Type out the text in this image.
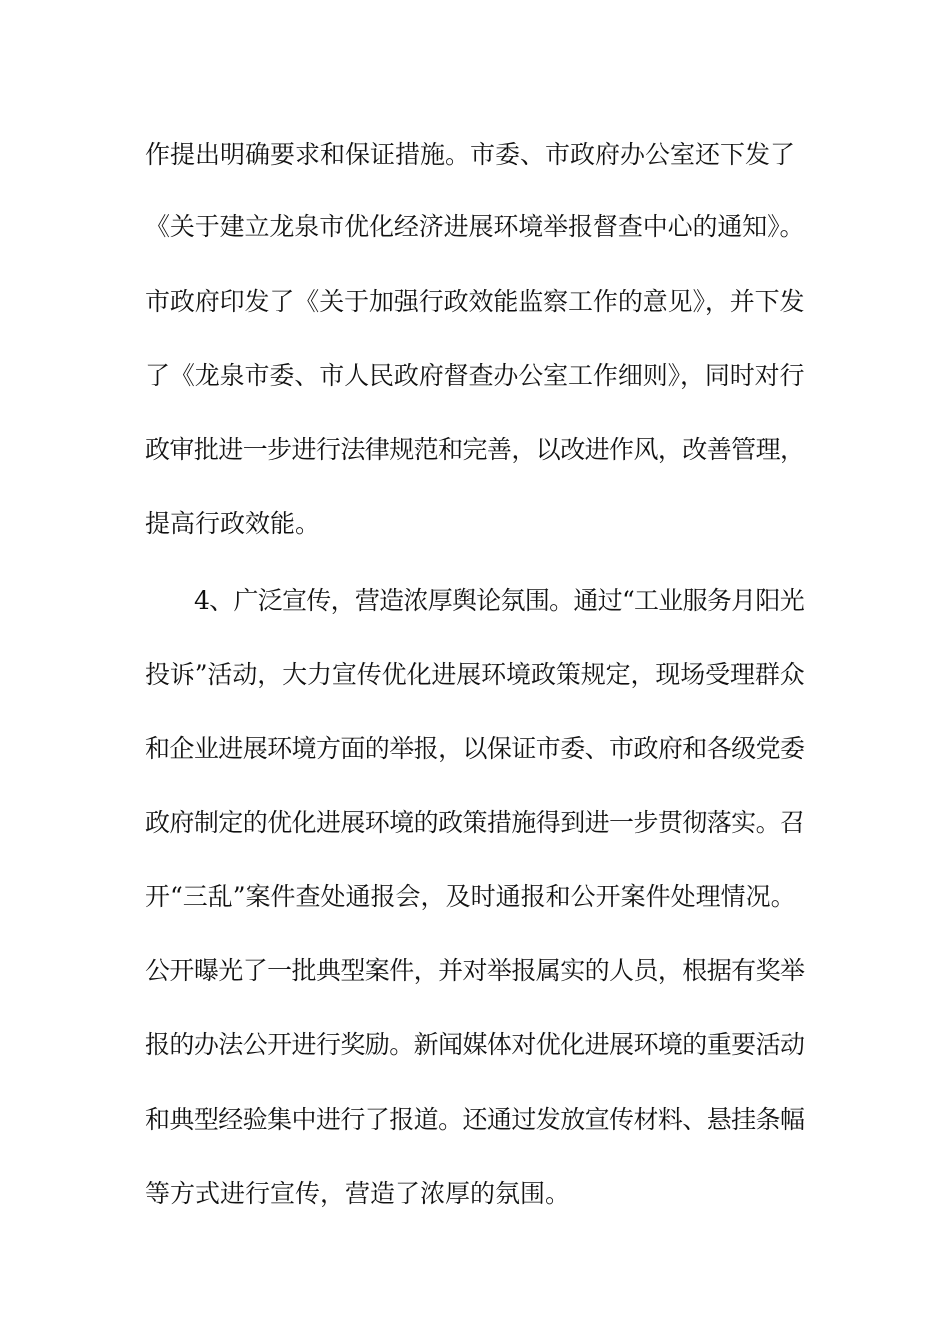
作提出明确要求和保证措施。市委、市政府办公室还下发了
《关于建立龙泉市优化经济进展环境举报督查中心的通知》。
市政府印发了《关于加强行政效能监察工作的意见》，并下发
了《龙泉市委、市人民政府督查办公室工作细则》，同时对行
政审批进一步进行法律规范和完善，以改进作风，改善管理，
提高行政效能。
4、广泛宣传，营造浓厚舆论氛围。通过“工业服务月阳光
投诉”活动，大力宣传优化进展环境政策规定，现场受理群众
和企业进展环境方面的举报，以保证市委、市政府和各级党委
政府制定的优化进展环境的政策措施得到进一步贯彻落实。召
开“三乱”案件查处通报会，及时通报和公开案件处理情况。
公开曝光了一批典型案件，并对举报属实的人员，根据有奖举
报的办法公开进行奖励。新闻媒体对优化进展环境的重要活动
和典型经验集中进行了报道。还通过发放宣传材料、悬挂条幅
等方式进行宣传，营造了浓厚的氛围。
